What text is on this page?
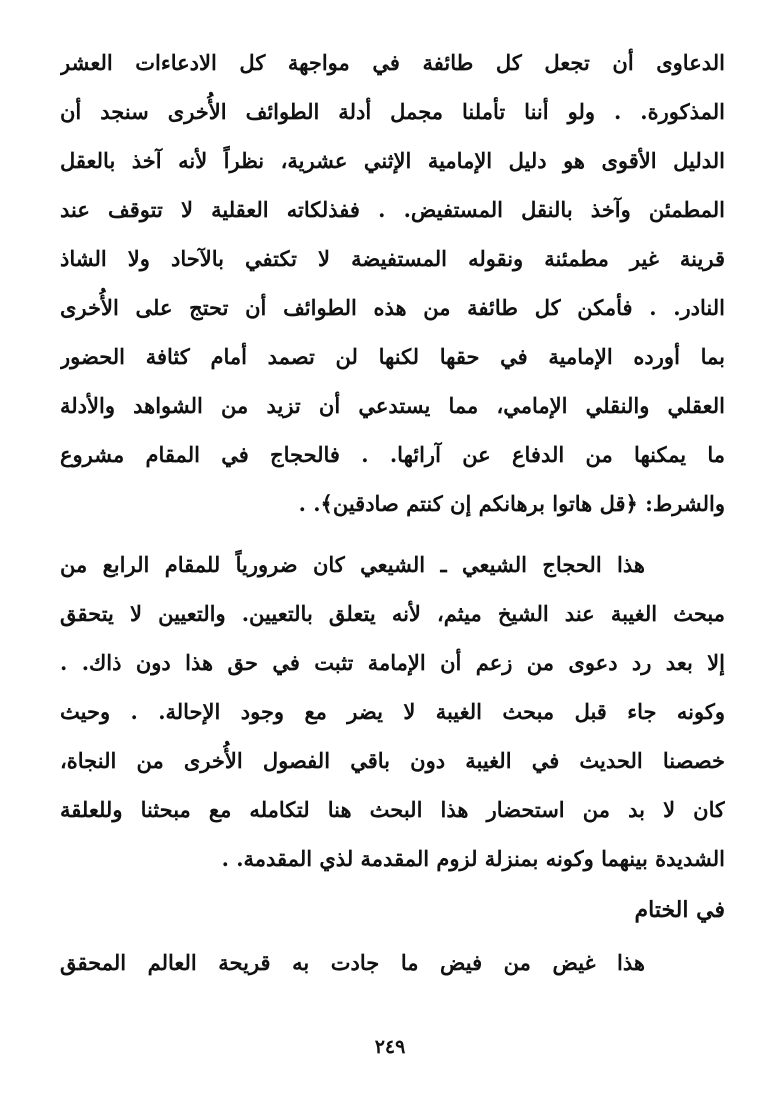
الدعاوى أن تجعل كل طائفة في مواجهة كل الادعاءات العشر
المذكورة. . ولو أننا تأملنا مجمل أدلة الطوائف الأُخرى سنجد أن
الدليل الأقوى هو دليل الإمامية الإثني عشرية، نظراً لأنه آخذ بالعقل
المطمئن وآخذ بالنقل المستفيض. . ففذلكاته العقلية لا تتوقف عند
قرينة غير مطمئنة ونقوله المستفيضة لا تكتفي بالآحاد ولا الشاذ
النادر. . فأمكن كل طائفة من هذه الطوائف أن تحتج على الأُخرى
بما أورده الإمامية في حقها لكنها لن تصمد أمام كثافة الحضور
العقلي والنقلي الإمامي، مما يستدعي أن تزيد من الشواهد والأدلة
ما يمكنها من الدفاع عن آرائها. . فالحجاج في المقام مشروع
والشرط: ﴿قل هاتوا برهانكم إن كنتم صادقين﴾. .
هذا الحجاج الشيعي ـ الشيعي كان ضرورياً للمقام الرابع من
مبحث الغيبة عند الشيخ ميثم، لأنه يتعلق بالتعيين. والتعيين لا يتحقق
إلا بعد رد دعوى من زعم أن الإمامة تثبت في حق هذا دون ذاك. .
وكونه جاء قبل مبحث الغيبة لا يضر مع وجود الإحالة. . وحيث
خصصنا الحديث في الغيبة دون باقي الفصول الأُخرى من النجاة،
كان لا بد من استحضار هذا البحث هنا لتكامله مع مبحثنا وللعلقة
الشديدة بينهما وكونه بمنزلة لزوم المقدمة لذي المقدمة. .
في الختام
هذا غيض من فيض ما جادت به قريحة العالم المحقق
٢٤٩
